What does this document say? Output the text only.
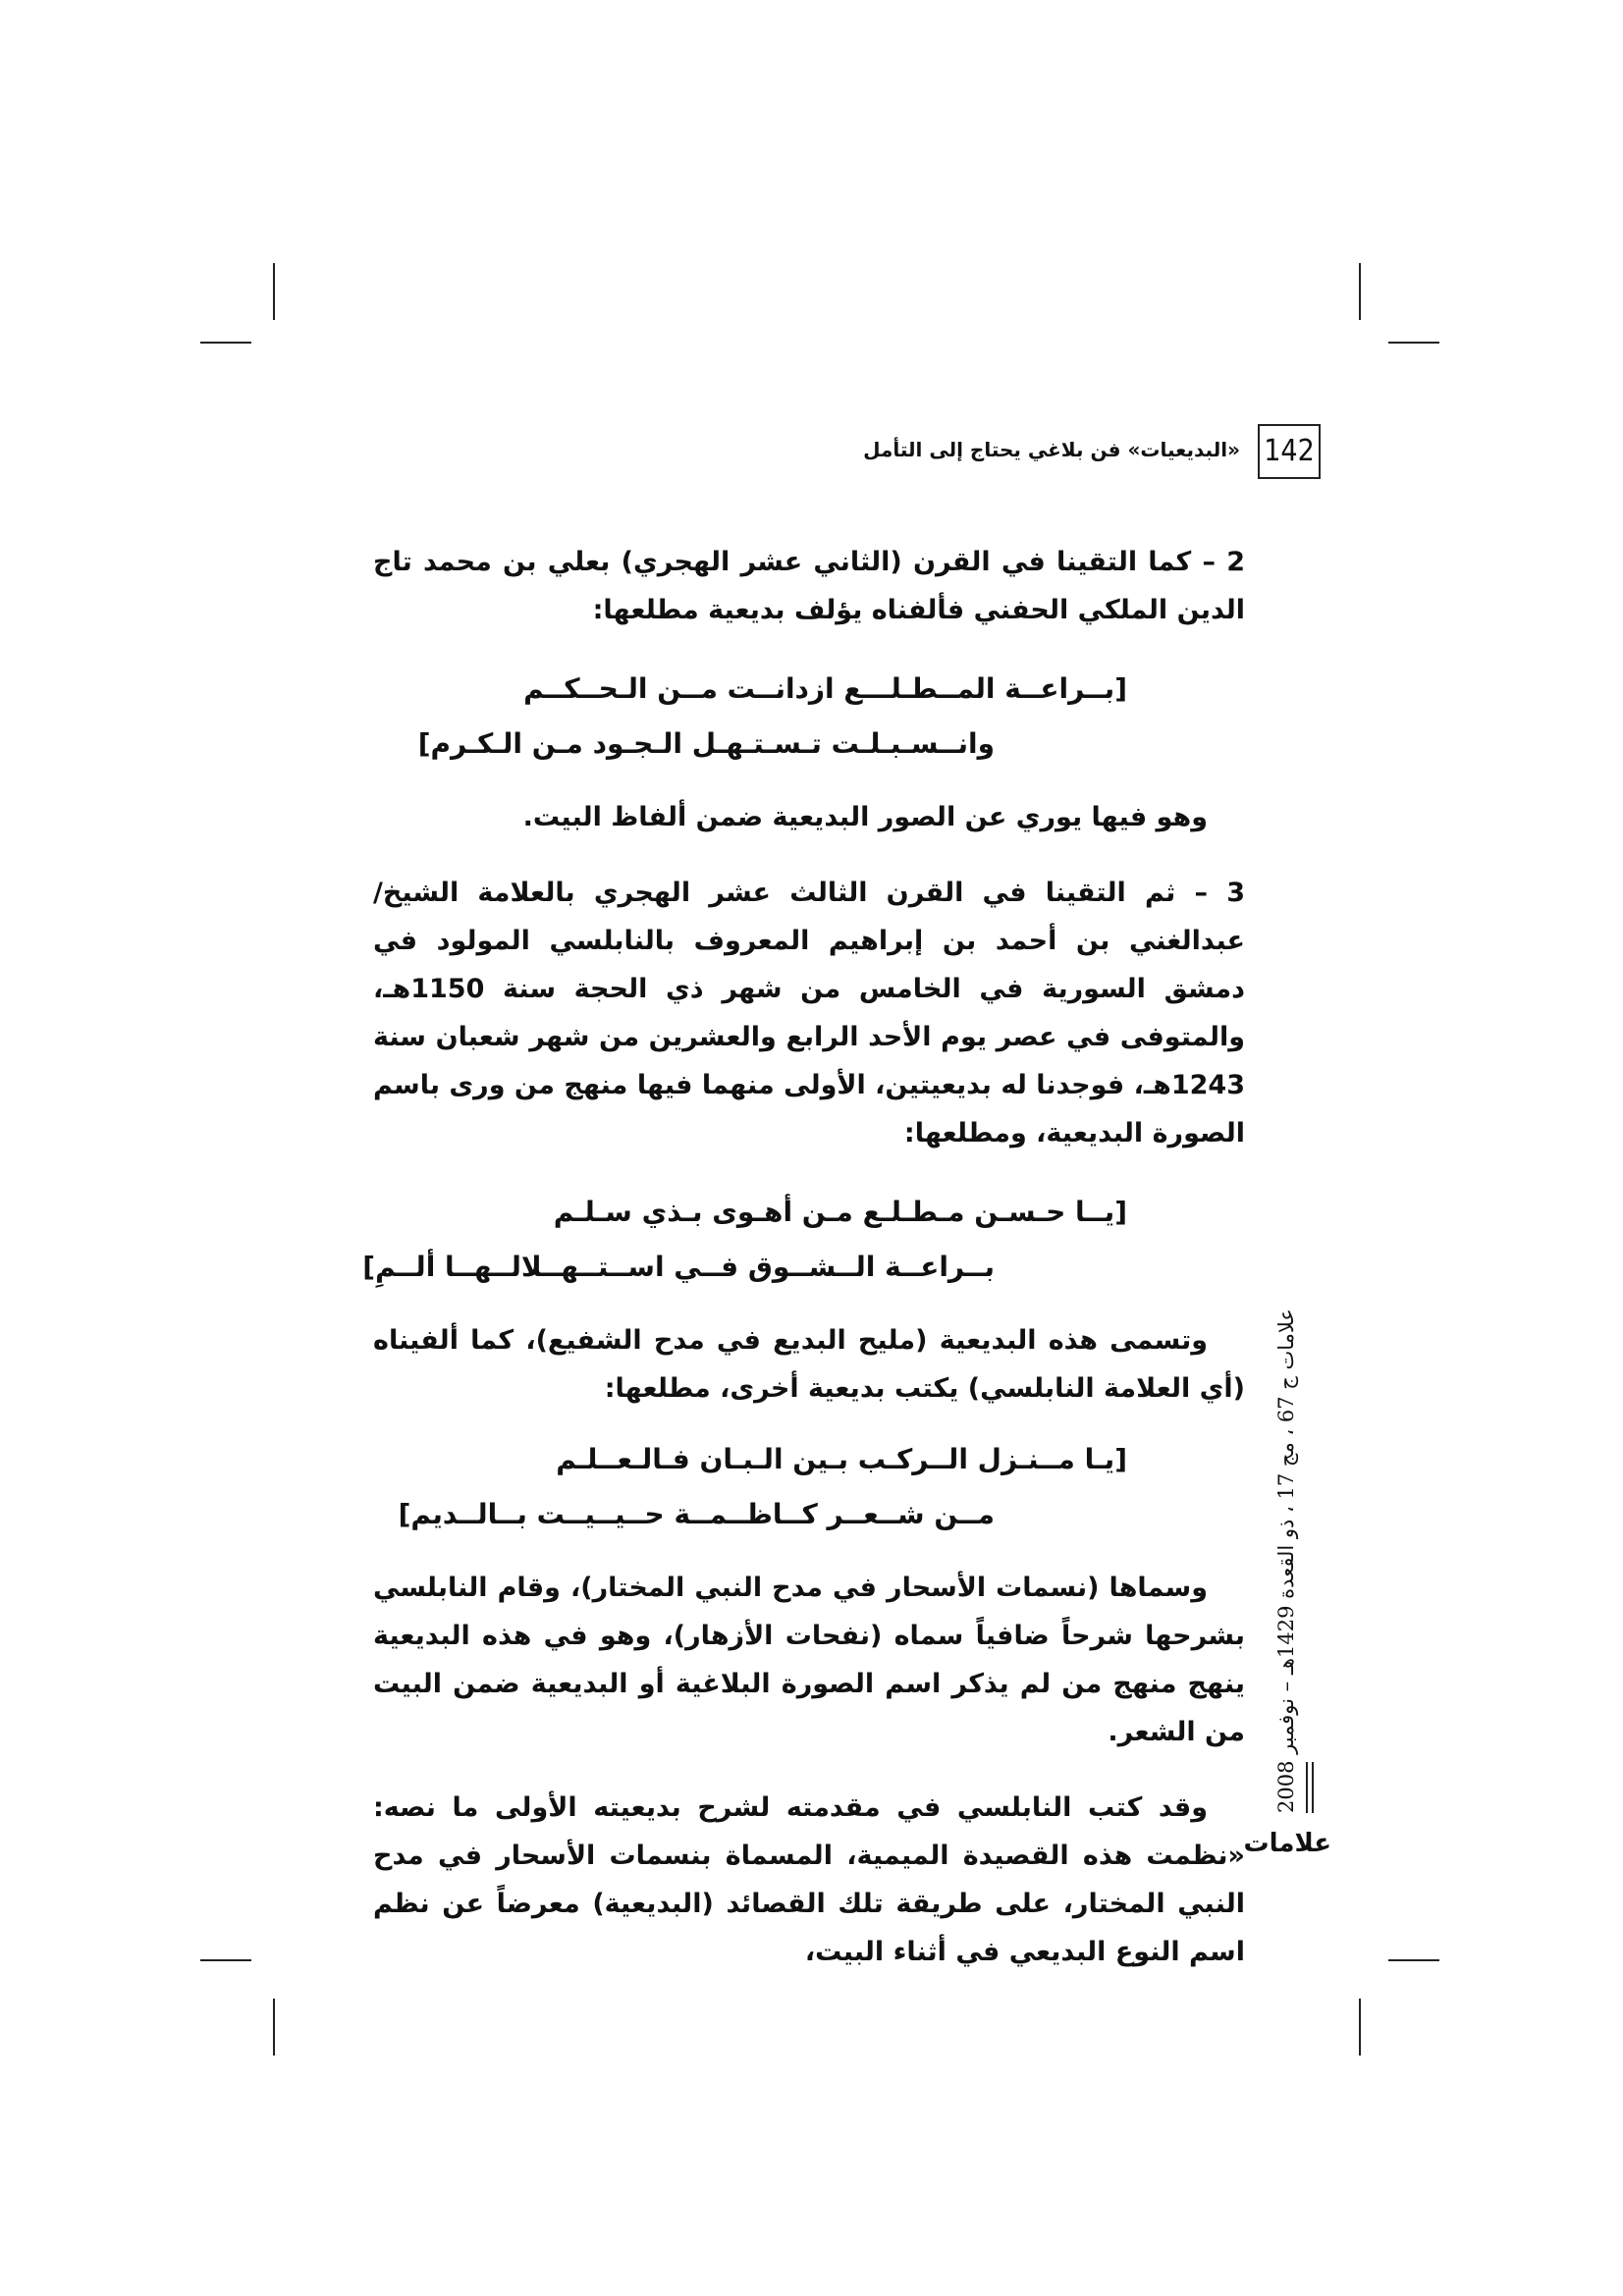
142
«البديعيات» فن بلاغي يحتاج إلى التأمل

2 – كما التقينا في القرن (الثاني عشر الهجري) بعلي بن محمد تاج الدين الملكي الحفني فألفناه يؤلف بديعية مطلعها:

[بــراعــة المــطـلـــع ازدانــت مــن الـحــكــم
وانــسـبـلـت تـسـتـهـل الـجـود مـن الـكـرم]

وهو فيها يوري عن الصور البديعية ضمن ألفاظ البيت.

3 – ثم التقينا في القرن الثالث عشر الهجري بالعلامة الشيخ/ عبدالغني بن أحمد بن إبراهيم المعروف بالنابلسي المولود في دمشق السورية في الخامس من شهر ذي الحجة سنة 1150هـ، والمتوفى في عصر يوم الأحد الرابع والعشرين من شهر شعبان سنة 1243هـ، فوجدنا له بديعيتين، الأولى منهما فيها منهج من ورى باسم الصورة البديعية، ومطلعها:

[يــا حـسـن مـطـلـع مـن أهـوى بـذي سـلـم
بــراعــة الــشــوق فــي اســتــهــلالــهــا ألــمِ]

وتسمى هذه البديعية (مليح البديع في مدح الشفيع)، كما ألفيناه (أي العلامة النابلسي) يكتب بديعية أخرى، مطلعها:

[يـا مــنـزل الــركـب بـين الـبـان فـالـعــلـم
مــن شــعــر كــاظــمــة حــيــيــت بــالــديم]

وسماها (نسمات الأسحار في مدح النبي المختار)، وقام النابلسي بشرحها شرحاً ضافياً سماه (نفحات الأزهار)، وهو في هذه البديعية ينهج منهج من لم يذكر اسم الصورة البلاغية أو البديعية ضمن البيت من الشعر.

وقد كتب النابلسي في مقدمته لشرح بديعيته الأولى ما نصه: «نظمت هذه القصيدة الميمية، المسماة بنسمات الأسحار في مدح النبي المختار، على طريقة تلك القصائد (البديعية) معرضاً عن نظم اسم النوع البديعي في أثناء البيت،

علامات ج 67 ، مج 17 ، ذو القعدة 1429هـ – نوفمبر 2008
علامات
